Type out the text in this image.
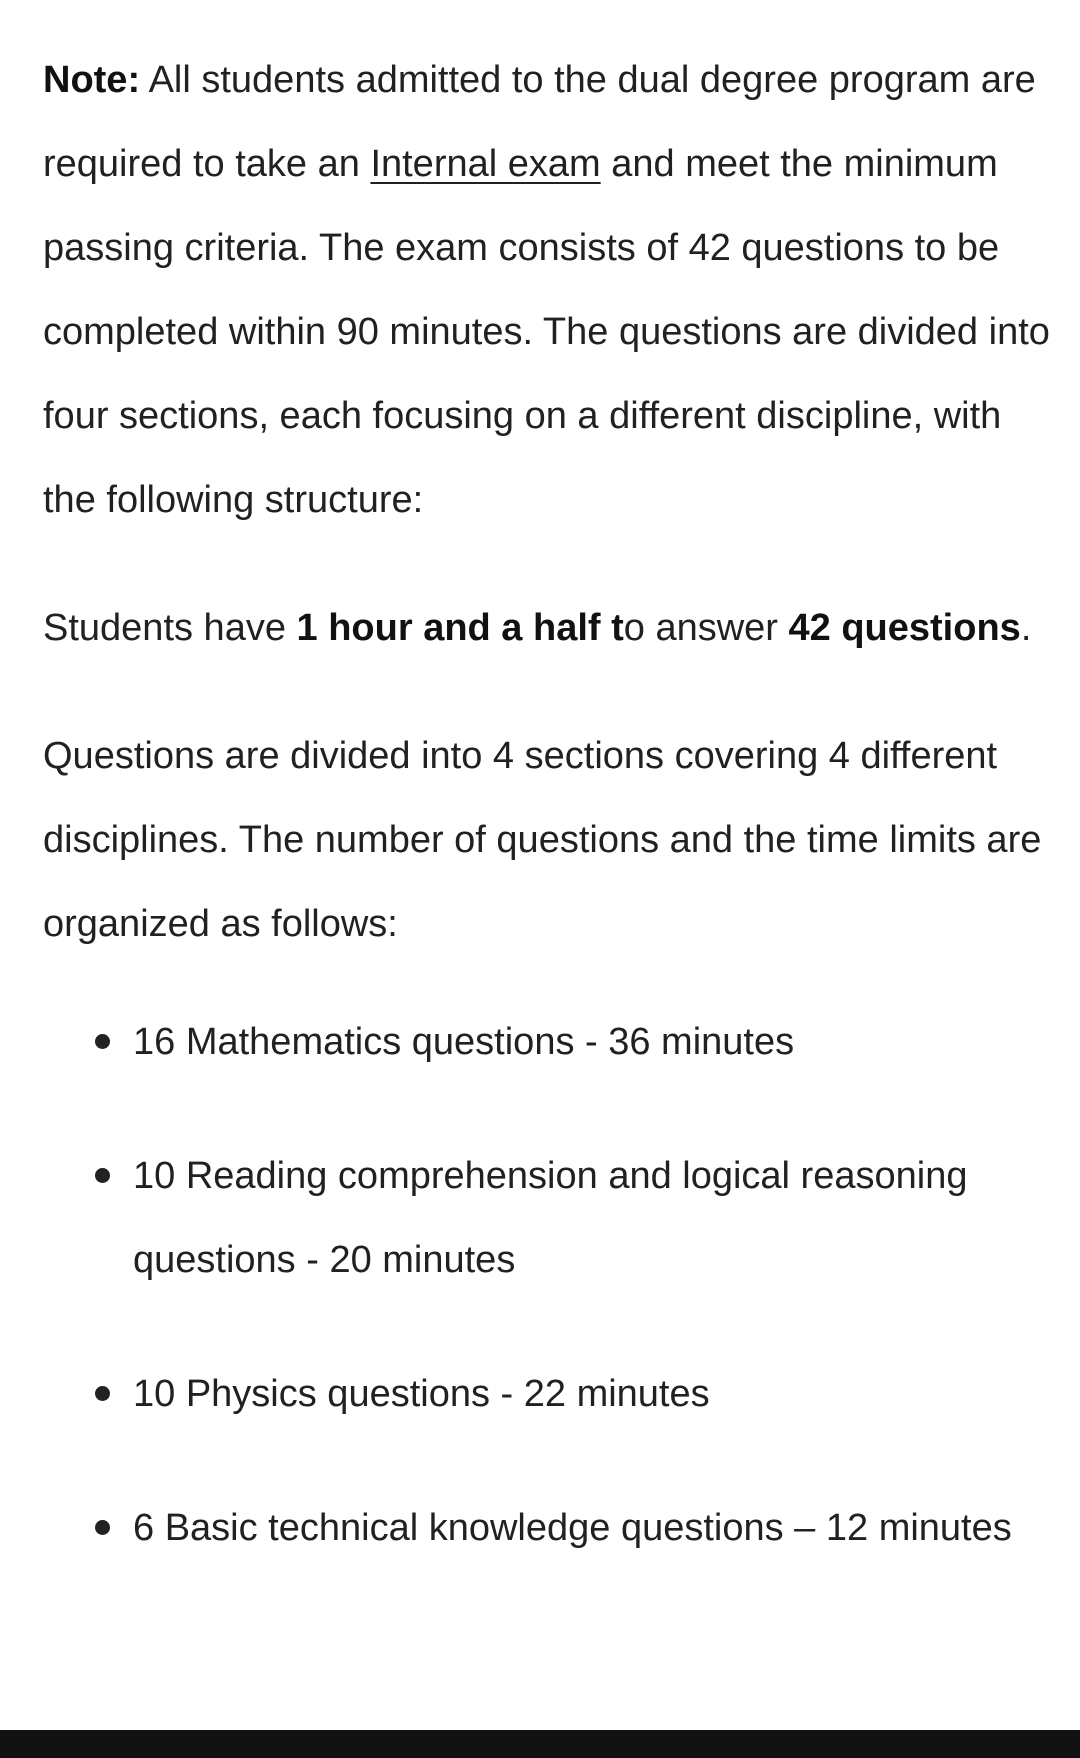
Note: All students admitted to the dual degree program are required to take an Internal exam and meet the minimum passing criteria. The exam consists of 42 questions to be completed within 90 minutes. The questions are divided into four sections, each focusing on a different discipline, with the following structure:

Students have 1 hour and a half to answer 42 questions.

Questions are divided into 4 sections covering 4 different disciplines. The number of questions and the time limits are organized as follows:

16 Mathematics questions - 36 minutes
10 Reading comprehension and logical reasoning questions - 20 minutes
10 Physics questions - 22 minutes
6 Basic technical knowledge questions – 12 minutes
